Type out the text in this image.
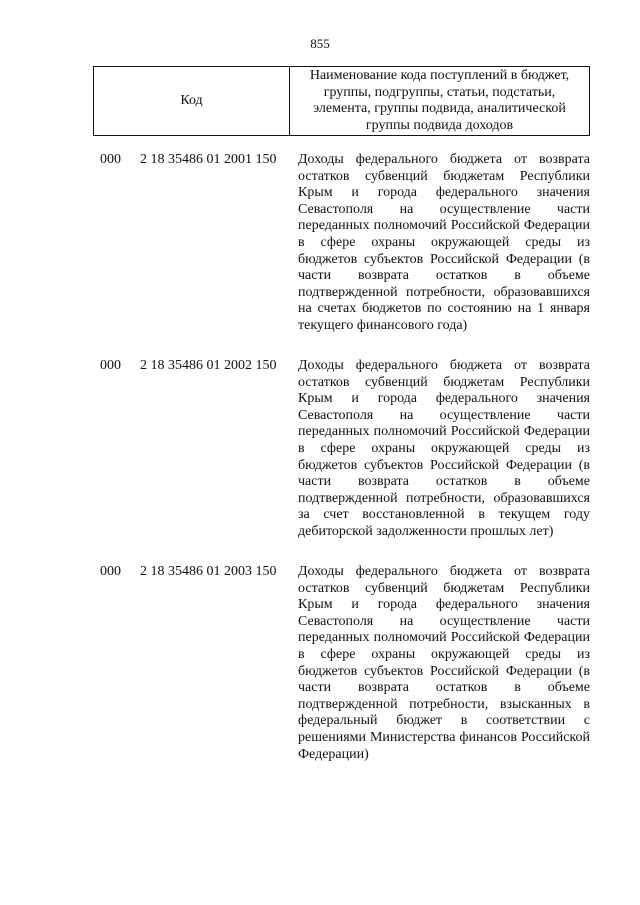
855
Код
Наименование кода поступлений в бюджет, группы, подгруппы, статьи, подстатьи, элемента, группы подвида, аналитической группы подвида доходов
000	2 18 35486 01 2001 150	Доходы федерального бюджета от возврата остатков субвенций бюджетам Республики Крым и города федерального значения Севастополя на осуществление части переданных полномочий Российской Федерации в сфере охраны окружающей среды из бюджетов субъектов Российской Федерации (в части возврата остатков в объеме подтвержденной потребности, образовавшихся на счетах бюджетов по состоянию на 1 января текущего финансового года)
000	2 18 35486 01 2002 150	Доходы федерального бюджета от возврата остатков субвенций бюджетам Республики Крым и города федерального значения Севастополя на осуществление части переданных полномочий Российской Федерации в сфере охраны окружающей среды из бюджетов субъектов Российской Федерации (в части возврата остатков в объеме подтвержденной потребности, образовавшихся за счет восстановленной в текущем году дебиторской задолженности прошлых лет)
000	2 18 35486 01 2003 150	Доходы федерального бюджета от возврата остатков субвенций бюджетам Республики Крым и города федерального значения Севастополя на осуществление части переданных полномочий Российской Федерации в сфере охраны окружающей среды из бюджетов субъектов Российской Федерации (в части возврата остатков в объеме подтвержденной потребности, взысканных в федеральный бюджет в соответствии с решениями Министерства финансов Российской Федерации)
